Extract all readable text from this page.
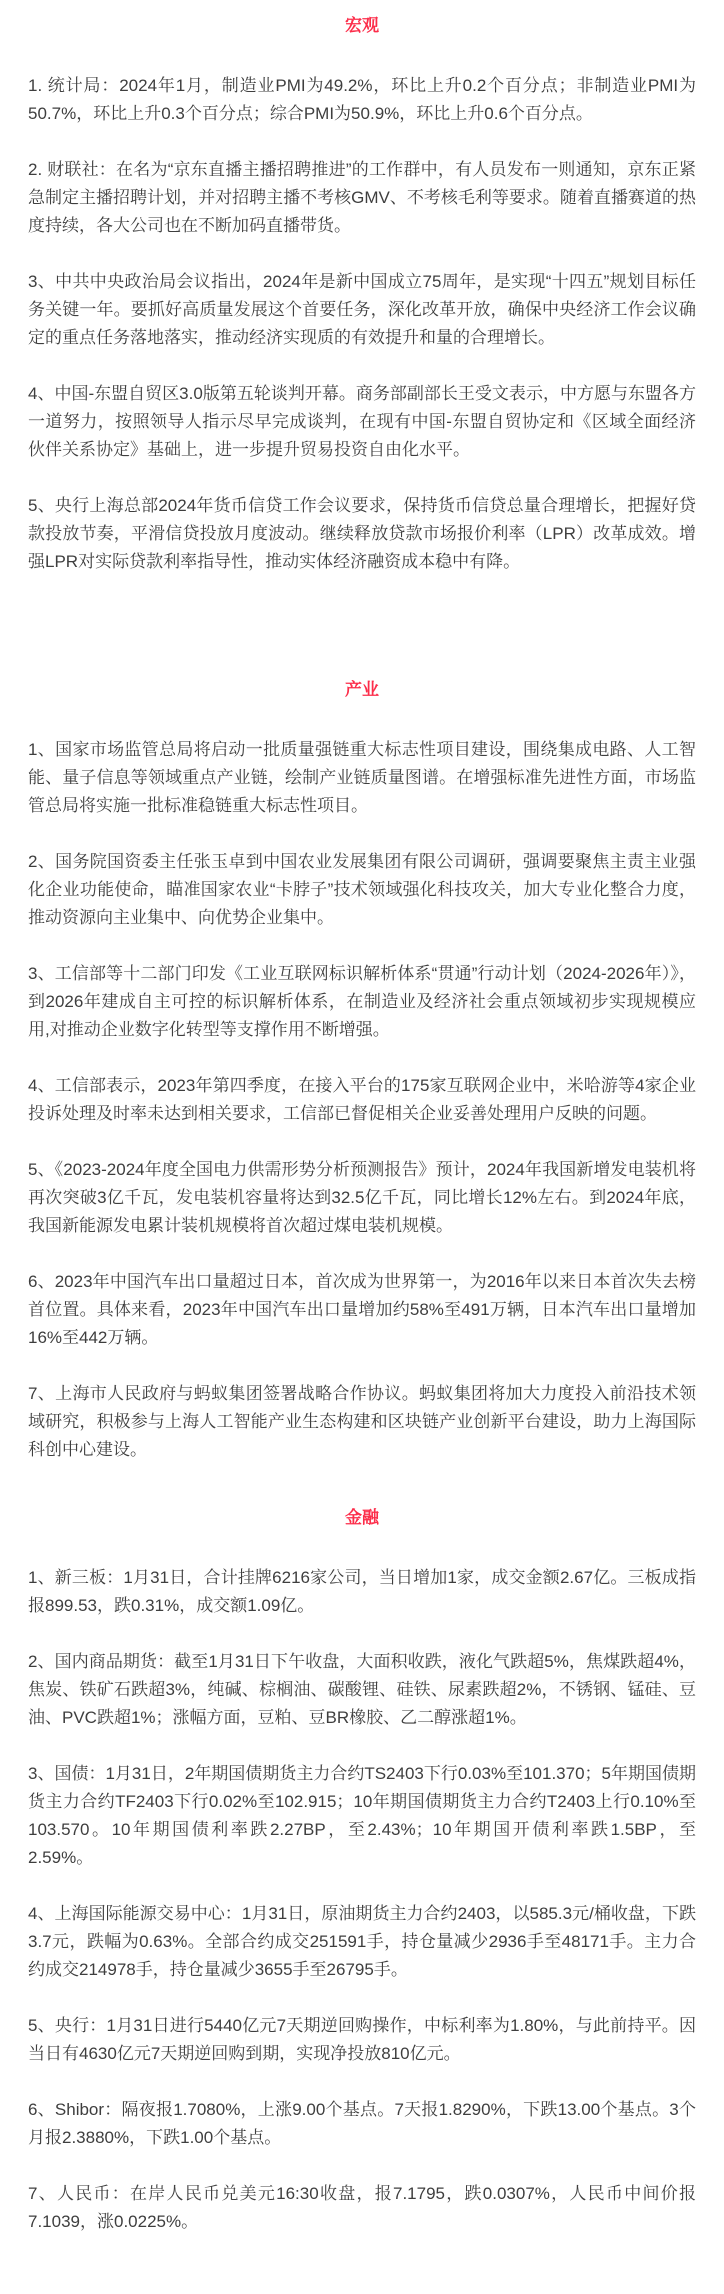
宏观

1. 统计局：2024年1月，制造业PMI为49.2%，环比上升0.2个百分点；非制造业PMI为50.7%，环比上升0.3个百分点；综合PMI为50.9%，环比上升0.6个百分点。

2. 财联社：在名为“京东直播主播招聘推进”的工作群中，有人员发布一则通知，京东正紧急制定主播招聘计划，并对招聘主播不考核GMV、不考核毛利等要求。随着直播赛道的热度持续，各大公司也在不断加码直播带货。

3、中共中央政治局会议指出，2024年是新中国成立75周年，是实现“十四五”规划目标任务关键一年。要抓好高质量发展这个首要任务，深化改革开放，确保中央经济工作会议确定的重点任务落地落实，推动经济实现质的有效提升和量的合理增长。

4、中国-东盟自贸区3.0版第五轮谈判开幕。商务部副部长王受文表示，中方愿与东盟各方一道努力，按照领导人指示尽早完成谈判，在现有中国-东盟自贸协定和《区域全面经济伙伴关系协定》基础上，进一步提升贸易投资自由化水平。

5、央行上海总部2024年货币信贷工作会议要求，保持货币信贷总量合理增长，把握好贷款投放节奏，平滑信贷投放月度波动。继续释放贷款市场报价利率（LPR）改革成效。增强LPR对实际贷款利率指导性，推动实体经济融资成本稳中有降。

产业

1、国家市场监管总局将启动一批质量强链重大标志性项目建设，围绕集成电路、人工智能、量子信息等领域重点产业链，绘制产业链质量图谱。在增强标准先进性方面，市场监管总局将实施一批标准稳链重大标志性项目。

2、国务院国资委主任张玉卓到中国农业发展集团有限公司调研，强调要聚焦主责主业强化企业功能使命，瞄准国家农业“卡脖子”技术领域强化科技攻关，加大专业化整合力度，推动资源向主业集中、向优势企业集中。

3、工信部等十二部门印发《工业互联网标识解析体系“贯通”行动计划（2024-2026年）》，到2026年建成自主可控的标识解析体系，在制造业及经济社会重点领域初步实现规模应用,对推动企业数字化转型等支撑作用不断增强。

4、工信部表示，2023年第四季度，在接入平台的175家互联网企业中，米哈游等4家企业投诉处理及时率未达到相关要求，工信部已督促相关企业妥善处理用户反映的问题。

5、《2023-2024年度全国电力供需形势分析预测报告》预计，2024年我国新增发电装机将再次突破3亿千瓦，发电装机容量将达到32.5亿千瓦，同比增长12%左右。到2024年底，我国新能源发电累计装机规模将首次超过煤电装机规模。

6、2023年中国汽车出口量超过日本，首次成为世界第一，为2016年以来日本首次失去榜首位置。具体来看，2023年中国汽车出口量增加约58%至491万辆，日本汽车出口量增加16%至442万辆。

7、上海市人民政府与蚂蚁集团签署战略合作协议。蚂蚁集团将加大力度投入前沿技术领域研究，积极参与上海人工智能产业生态构建和区块链产业创新平台建设，助力上海国际科创中心建设。

金融

1、新三板：1月31日，合计挂牌6216家公司，当日增加1家，成交金额2.67亿。三板成指报899.53，跌0.31%，成交额1.09亿。

2、国内商品期货：截至1月31日下午收盘，大面积收跌，液化气跌超5%，焦煤跌超4%，焦炭、铁矿石跌超3%，纯碱、棕榈油、碳酸锂、硅铁、尿素跌超2%，不锈钢、锰硅、豆油、PVC跌超1%；涨幅方面，豆粕、豆BR橡胶、乙二醇涨超1%。

3、国债：1月31日，2年期国债期货主力合约TS2403下行0.03%至101.370；5年期国债期货主力合约TF2403下行0.02%至102.915；10年期国债期货主力合约T2403上行0.10%至103.570。10年期国债利率跌2.27BP，至2.43%；10年期国开债利率跌1.5BP，至2.59%。

4、上海国际能源交易中心：1月31日，原油期货主力合约2403，以585.3元/桶收盘，下跌3.7元，跌幅为0.63%。全部合约成交251591手，持仓量减少2936手至48171手。主力合约成交214978手，持仓量减少3655手至26795手。

5、央行：1月31日进行5440亿元7天期逆回购操作，中标利率为1.80%，与此前持平。因当日有4630亿元7天期逆回购到期，实现净投放810亿元。

6、Shibor：隔夜报1.7080%，上涨9.00个基点。7天报1.8290%，下跌13.00个基点。3个月报2.3880%，下跌1.00个基点。

7、人民币：在岸人民币兑美元16:30收盘，报7.1795，跌0.0307%，人民币中间价报7.1039，涨0.0225%。
